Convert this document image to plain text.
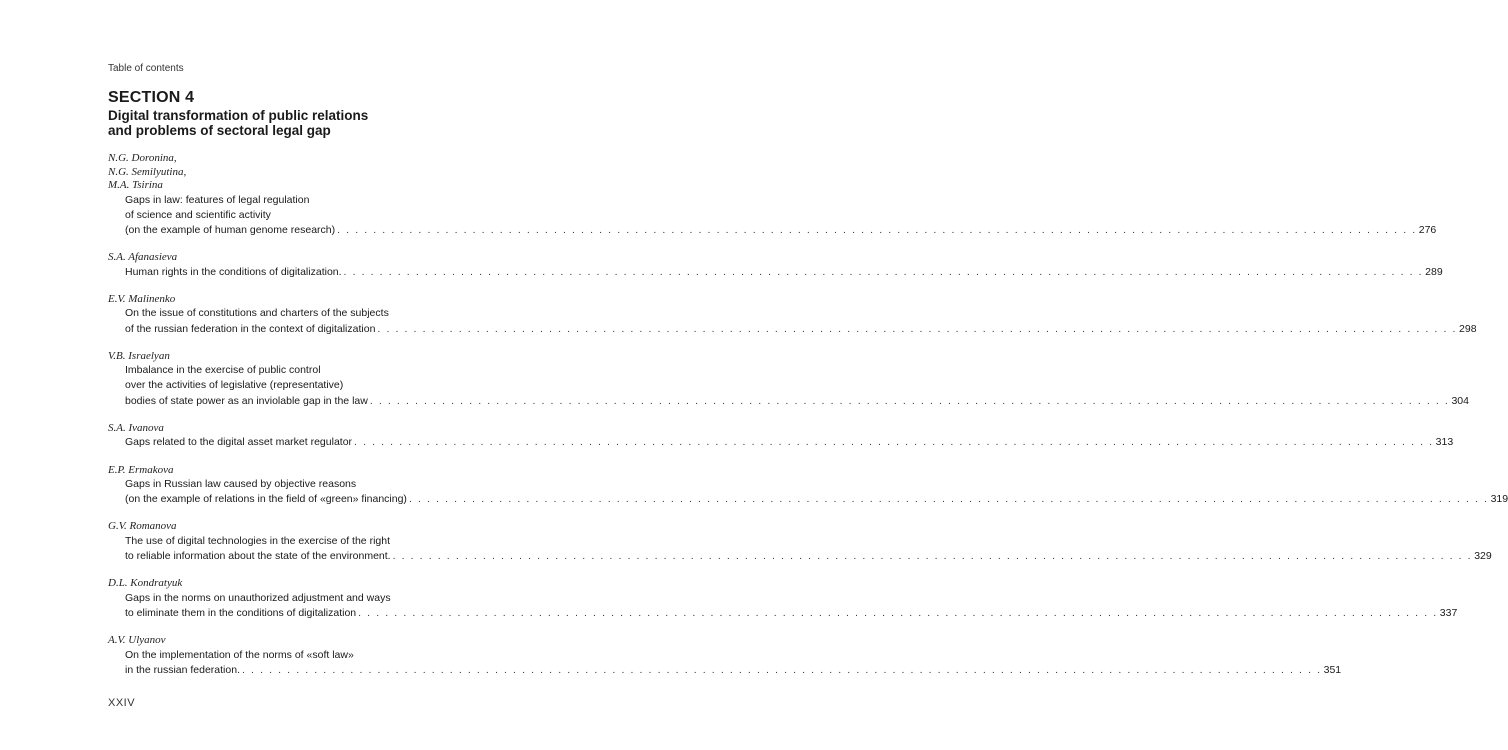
Table of contents
SECTION 4
Digital transformation of public relations
and problems of sectoral legal gap
N.G. Doronina,
N.G. Semilyutina,
M.A. Tsirina
Gaps in law: features of legal regulation
of science and scientific activity
(on the example of human genome research) . . . . . . . . . . . . . . . . . . . . . . . . . . . . . . . . . . . . . . . . . . . . . . . . . . . . . . . . . . . . . . . . . . . . . . . . . . . . . . . . . . . . . . . . . . . . . . . . . . . . . . . . . . . . . . . . . . . . . . . . 276
S.A. Afanasieva
Human rights in the conditions of digitalization. . . . . . . . . . . . . . . . . . . . . . . . . . . . . . . . . . . . . . . . . . . . . . . . . . . . . . . . . . . . . . . . . . . . . . . . . . . . . . . . . . . . . . . . . . . . . . . . . . . . . . . . . . . . . . . . . . . . . . . . . 289
E.V. Malinenko
On the issue of constitutions and charters of the subjects
of the russian federation in the context of digitalization . . . . . . . . . . . . . . . . . . . . . . . . . . . . . . . . . . . . . . . . . . . . . . . . . . . . . . . . . . . . . . . . . . . . . . . . . . . . . . . . . . . . . . . . . . . . . . . . . . . . . . . . . . . . . . . . . . . . . . . . 298
V.B. Israelyan
Imbalance in the exercise of public control
over the activities of legislative (representative)
bodies of state power as an inviolable gap in the law . . . . . . . . . . . . . . . . . . . . . . . . . . . . . . . . . . . . . . . . . . . . . . . . . . . . . . . . . . . . . . . . . . . . . . . . . . . . . . . . . . . . . . . . . . . . . . . . . . . . . . . . . . . . . . . . . . . . . . . . 304
S.A. Ivanova
Gaps related to the digital asset market regulator . . . . . . . . . . . . . . . . . . . . . . . . . . . . . . . . . . . . . . . . . . . . . . . . . . . . . . . . . . . . . . . . . . . . . . . . . . . . . . . . . . . . . . . . . . . . . . . . . . . . . . . . . . . . . . . . . . . . . . . . 313
E.P. Ermakova
Gaps in Russian law caused by objective reasons
(on the example of relations in the field of «green» financing) . . . . . . . . . . . . . . . . . . . . . . . . . . . . . . . . . . . . . . . . . . . . . . . . . . . . . . . . . . . . . . . . . . . . . . . . . . . . . . . . . . . . . . . . . . . . . . . . . . . . . . . . . . . . . . . . . . . . . . . . 319
G.V. Romanova
The use of digital technologies in the exercise of the right
to reliable information about the state of the environment. . . . . . . . . . . . . . . . . . . . . . . . . . . . . . . . . . . . . . . . . . . . . . . . . . . . . . . . . . . . . . . . . . . . . . . . . . . . . . . . . . . . . . . . . . . . . . . . . . . . . . . . . . . . . . . . . . . . . . . . . 329
D.L. Kondratyuk
Gaps in the norms on unauthorized adjustment and ways
to eliminate them in the conditions of digitalization . . . . . . . . . . . . . . . . . . . . . . . . . . . . . . . . . . . . . . . . . . . . . . . . . . . . . . . . . . . . . . . . . . . . . . . . . . . . . . . . . . . . . . . . . . . . . . . . . . . . . . . . . . . . . . . . . . . . . . . . 337
A.V. Ulyanov
On the implementation of the norms of «soft law»
in the russian federation. . . . . . . . . . . . . . . . . . . . . . . . . . . . . . . . . . . . . . . . . . . . . . . . . . . . . . . . . . . . . . . . . . . . . . . . . . . . . . . . . . . . . . . . . . . . . . . . . . . . . . . . . . . . . . . . . . . . . . . . . 351
XXIV
